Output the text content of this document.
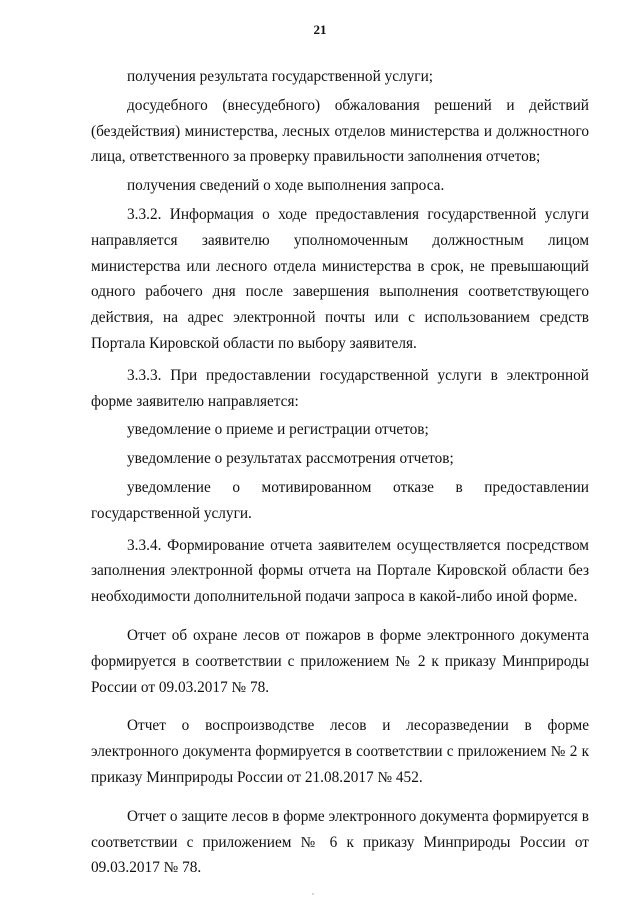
21

получения результата государственной услуги;

досудебного (внесудебного) обжалования решений и действий (бездействия) министерства, лесных отделов министерства и должностного лица, ответственного за проверку правильности заполнения отчетов;

получения сведений о ходе выполнения запроса.

3.3.2. Информация о ходе предоставления государственной услуги направляется заявителю уполномоченным должностным лицом министерства или лесного отдела министерства в срок, не превышающий одного рабочего дня после завершения выполнения соответствующего действия, на адрес электронной почты или с использованием средств Портала Кировской области по выбору заявителя.

3.3.3. При предоставлении государственной услуги в электронной форме заявителю направляется:

уведомление о приеме и регистрации отчетов;

уведомление о результатах рассмотрения отчетов;

уведомление о мотивированном отказе в предоставлении государственной услуги.

3.3.4. Формирование отчета заявителем осуществляется посредством заполнения электронной формы отчета на Портале Кировской области без необходимости дополнительной подачи запроса в какой-либо иной форме.

Отчет об охране лесов от пожаров в форме электронного документа формируется в соответствии с приложением № 2 к приказу Минприроды России от 09.03.2017 № 78.

Отчет о воспроизводстве лесов и лесоразведении в форме электронного документа формируется в соответствии с приложением № 2 к приказу Минприроды России от 21.08.2017 № 452.

Отчет о защите лесов в форме электронного документа формируется в соответствии с приложением № 6 к приказу Минприроды России от 09.03.2017 № 78.
